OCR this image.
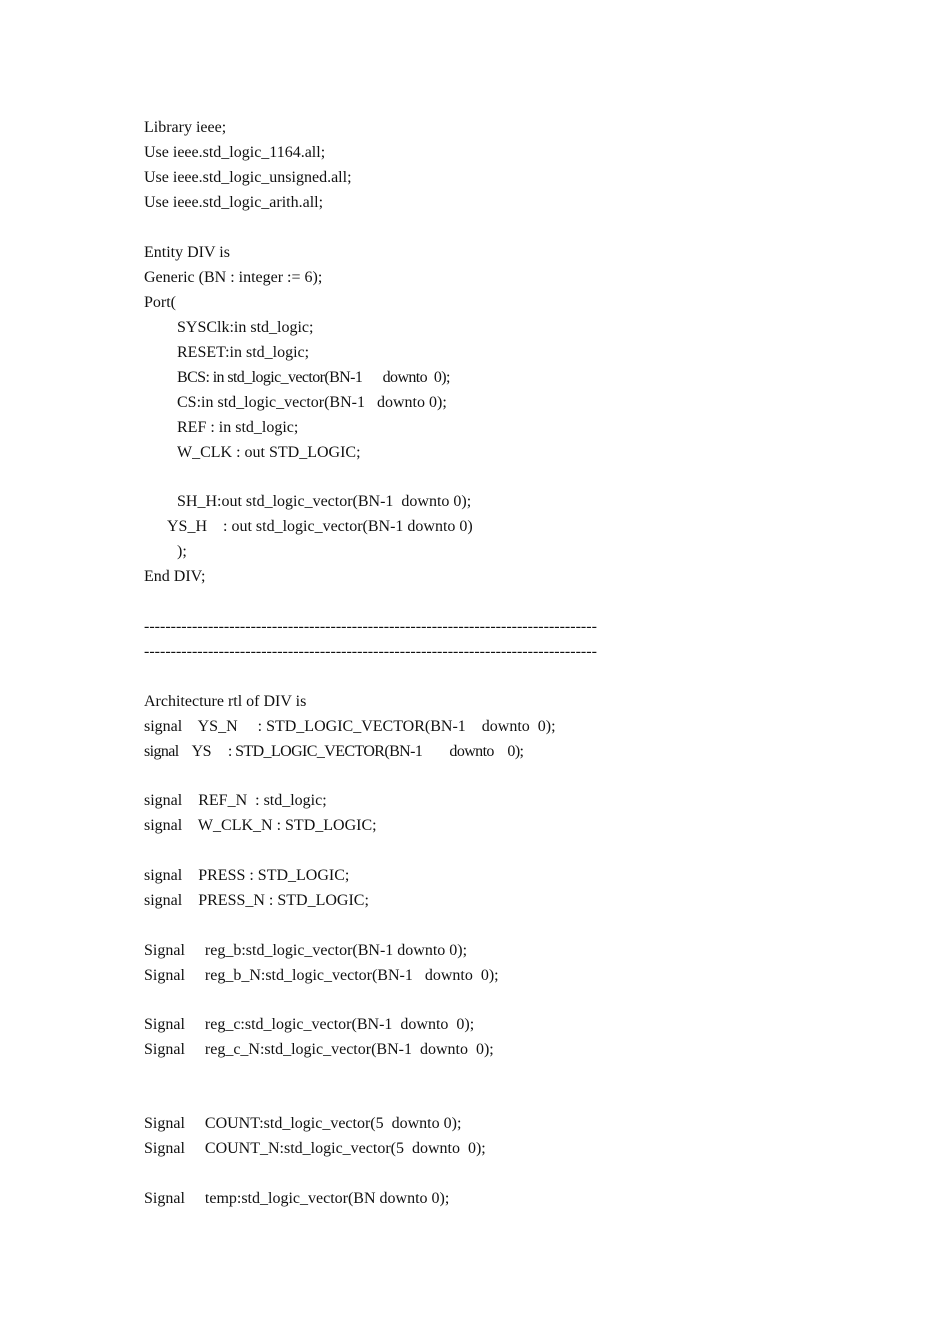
Library ieee;
Use ieee.std_logic_1164.all;
Use ieee.std_logic_unsigned.all;
Use ieee.std_logic_arith.all;
Entity DIV is
Generic (BN : integer := 6);
Port(
SYSClk:in std_logic;
RESET:in std_logic;
BCS: in std_logic_vector(BN-1      downto  0);
CS:in std_logic_vector(BN-1   downto 0);
REF : in std_logic;
W_CLK : out STD_LOGIC;
SH_H:out std_logic_vector(BN-1  downto 0);
YS_H    : out std_logic_vector(BN-1 downto 0)
);
End DIV;
-------------------------------------------------------------------------------------
-------------------------------------------------------------------------------------
Architecture rtl of DIV is
signal    YS_N     : STD_LOGIC_VECTOR(BN-1    downto  0);
signal    YS     : STD_LOGIC_VECTOR(BN-1        downto    0);
signal    REF_N  : std_logic;
signal    W_CLK_N : STD_LOGIC;
signal    PRESS : STD_LOGIC;
signal    PRESS_N : STD_LOGIC;
Signal     reg_b:std_logic_vector(BN-1 downto 0);
Signal     reg_b_N:std_logic_vector(BN-1   downto  0);
Signal     reg_c:std_logic_vector(BN-1  downto  0);
Signal     reg_c_N:std_logic_vector(BN-1  downto  0);
Signal     COUNT:std_logic_vector(5  downto 0);
Signal     COUNT_N:std_logic_vector(5  downto  0);
Signal     temp:std_logic_vector(BN downto 0);
